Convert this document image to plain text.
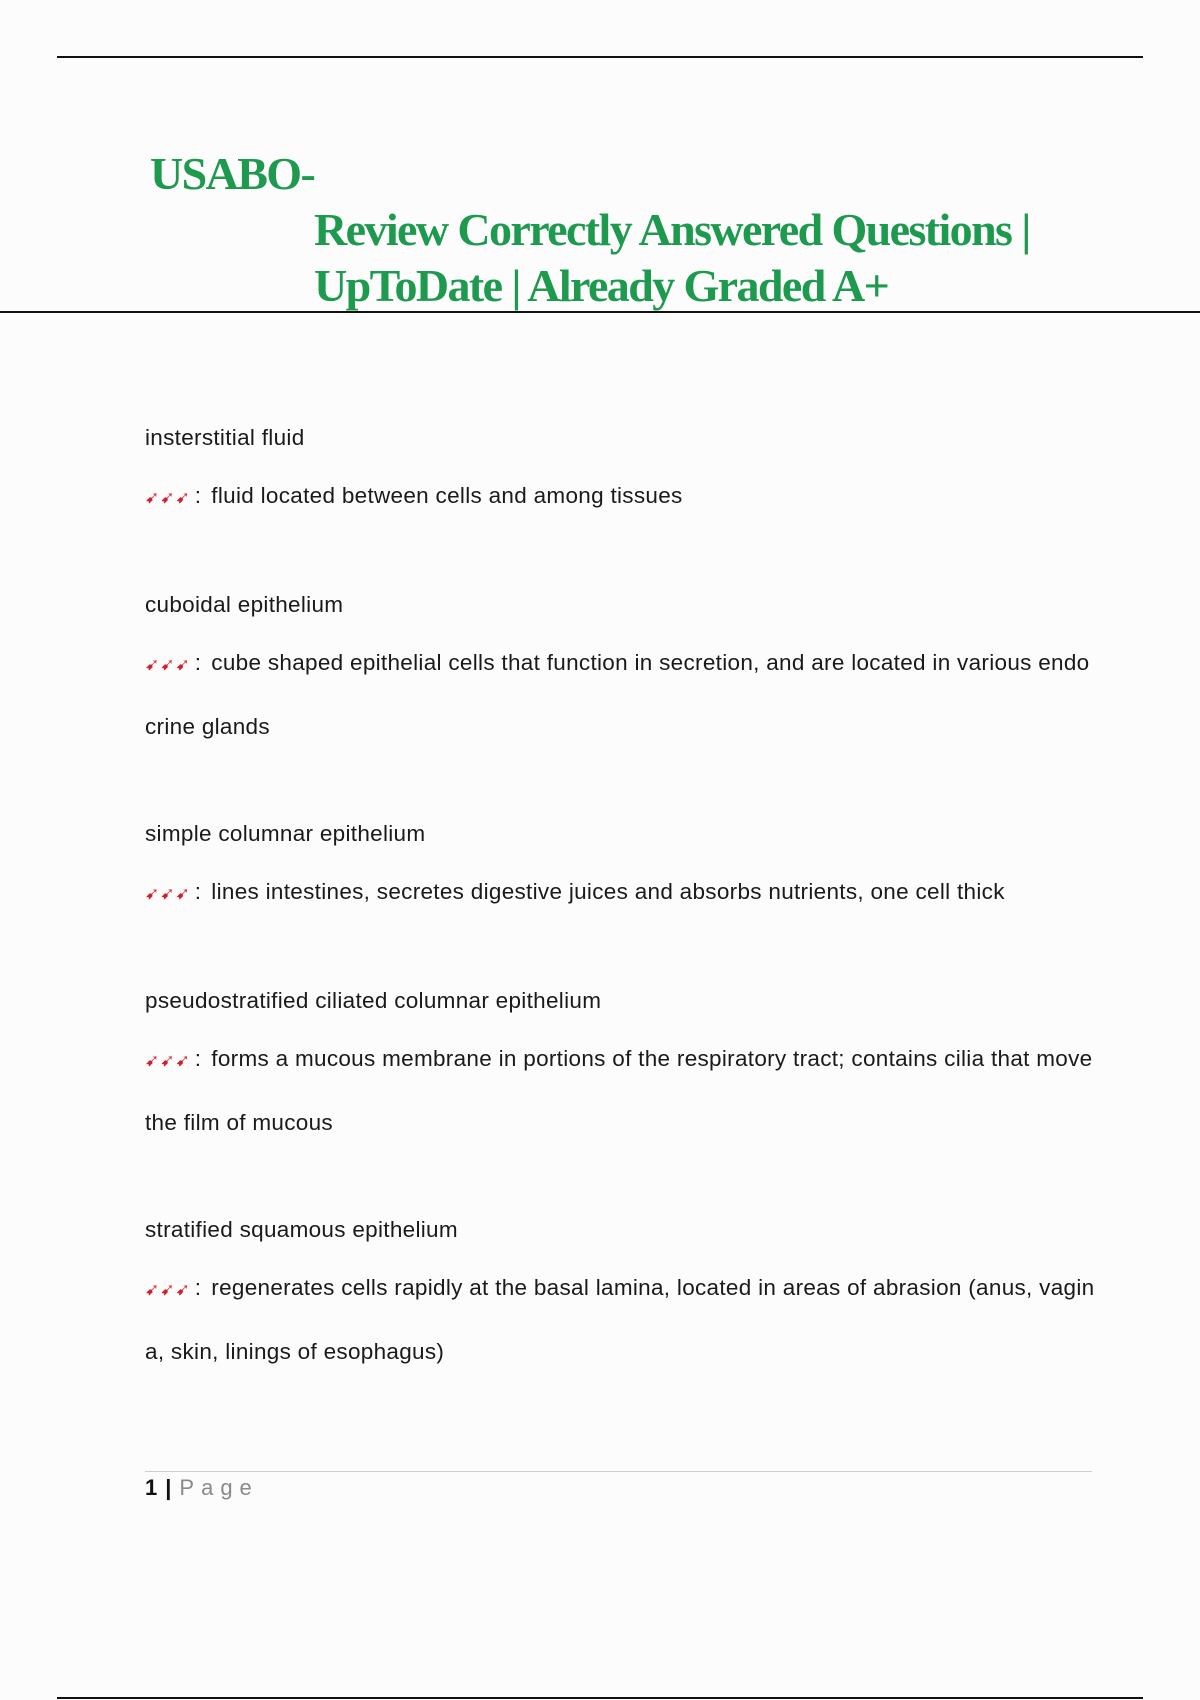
USABO-
Review Correctly Answered Questions |
UpToDate | Already Graded A+
insterstitial fluid
➹➹➹ : fluid located between cells and among tissues
cuboidal epithelium
➹➹➹ : cube shaped epithelial cells that function in secretion, and are located in various endocrine glands
simple columnar epithelium
➹➹➹ : lines intestines, secretes digestive juices and absorbs nutrients, one cell thick
pseudostratified ciliated columnar epithelium
➹➹➹ : forms a mucous membrane in portions of the respiratory tract; contains cilia that move the film of mucous
stratified squamous epithelium
➹➹➹ : regenerates cells rapidly at the basal lamina, located in areas of abrasion (anus, vagina, skin, linings of esophagus)
1 | Page
